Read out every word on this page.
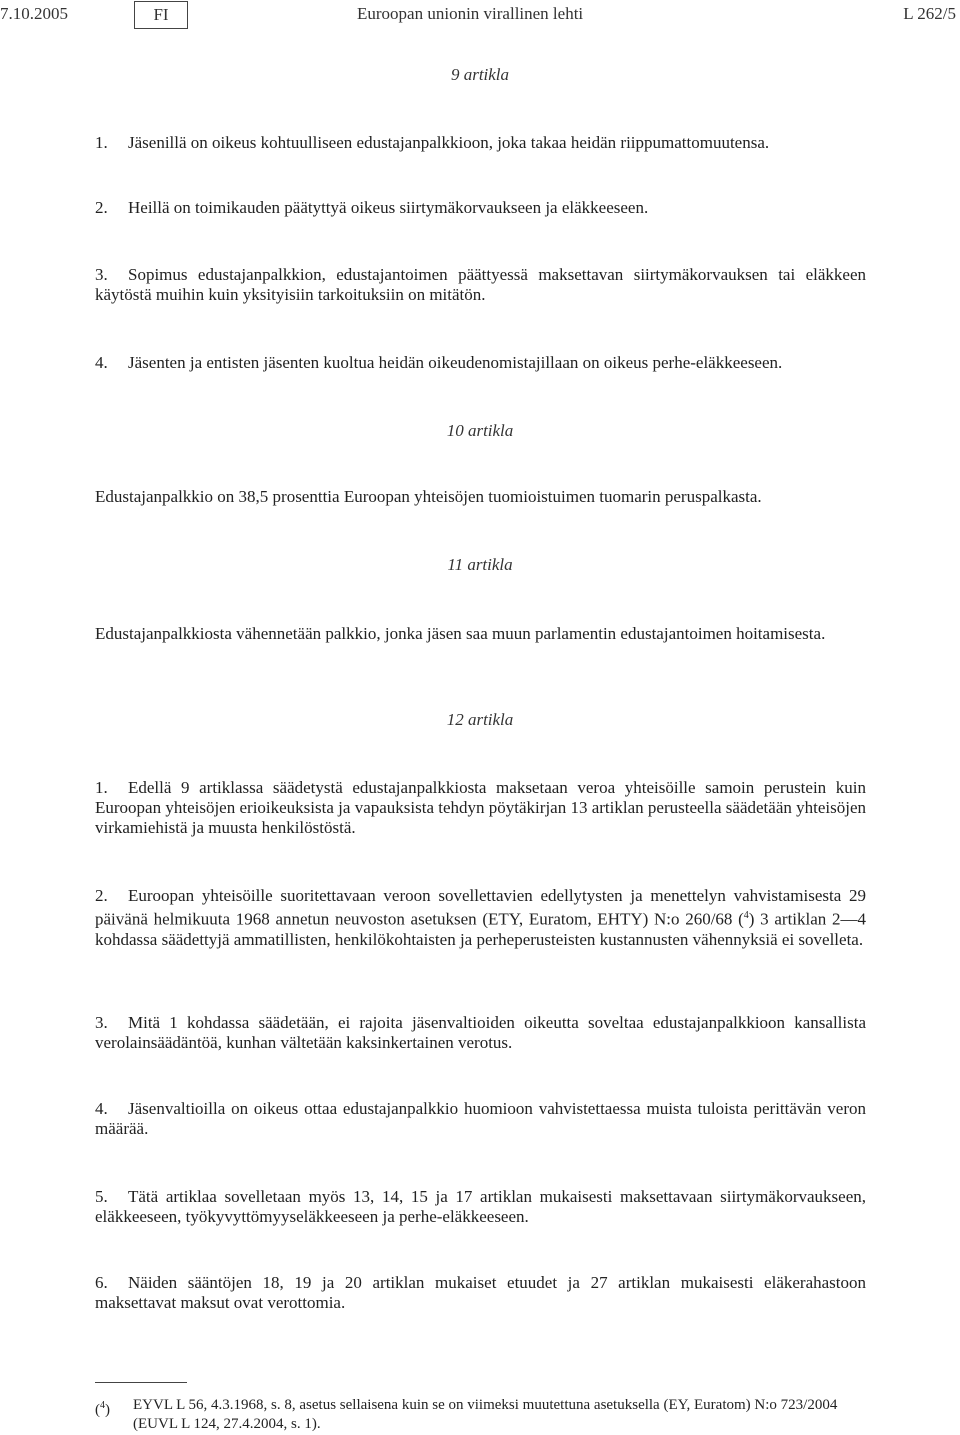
7.10.2005	FI	Euroopan unionin virallinen lehti	L 262/5
9 artikla
1. Jäsenillä on oikeus kohtuulliseen edustajanpalkkioon, joka takaa heidän riippumattomuutensa.
2. Heillä on toimikauden päätyttyä oikeus siirtymäkorvaukseen ja eläkkeeseen.
3. Sopimus edustajanpalkkion, edustajantoimen päättyessä maksettavan siirtymäkorvauksen tai eläkkeen käytöstä muihin kuin yksityisiin tarkoituksiin on mitätön.
4. Jäsenten ja entisten jäsenten kuoltua heidän oikeudenomistajillaan on oikeus perhe-eläkkeeseen.
10 artikla
Edustajanpalkkio on 38,5 prosenttia Euroopan yhteisöjen tuomioistuimen tuomarin peruspalkasta.
11 artikla
Edustajanpalkkiosta vähennetään palkkio, jonka jäsen saa muun parlamentin edustajantoimen hoitamisesta.
12 artikla
1. Edellä 9 artiklassa säädetystä edustajanpalkkiosta maksetaan veroa yhteisöille samoin perustein kuin Euroopan yhteisöjen erioikeuksista ja vapauksista tehdyn pöytäkirjan 13 artiklan perusteella säädetään yhteisöjen virkamiehistä ja muusta henkilöstöstä.
2. Euroopan yhteisöille suoritettavaan veroon sovellettavien edellytysten ja menettelyn vahvistamisesta 29 päivänä helmikuuta 1968 annetun neuvoston asetuksen (ETY, Euratom, EHTY) N:o 260/68 ($^4$) 3 artiklan 2—4 kohdassa säädettyjä ammatillisten, henkilökohtaisten ja perheperusteisten kustannusten vähennyksiä ei sovelleta.
3. Mitä 1 kohdassa säädetään, ei rajoita jäsenvaltioiden oikeutta soveltaa edustajanpalkkioon kansallista verolainsäädäntöä, kunhan vältetään kaksinkertainen verotus.
4. Jäsenvaltioilla on oikeus ottaa edustajanpalkkio huomioon vahvistettaessa muista tuloista perittävän veron määrää.
5. Tätä artiklaa sovelletaan myös 13, 14, 15 ja 17 artiklan mukaisesti maksettavaan siirtymäkorvaukseen, eläkkeeseen, työkyvyttömyyseläkkeeseen ja perhe-eläkkeeseen.
6. Näiden sääntöjen 18, 19 ja 20 artiklan mukaiset etuudet ja 27 artiklan mukaisesti eläkerahastoon maksettavat maksut ovat verottomia.
($^4$) EYVL L 56, 4.3.1968, s. 8, asetus sellaisena kuin se on viimeksi muutettuna asetuksella (EY, Euratom) N:o 723/2004 (EUVL L 124, 27.4.2004, s. 1).
